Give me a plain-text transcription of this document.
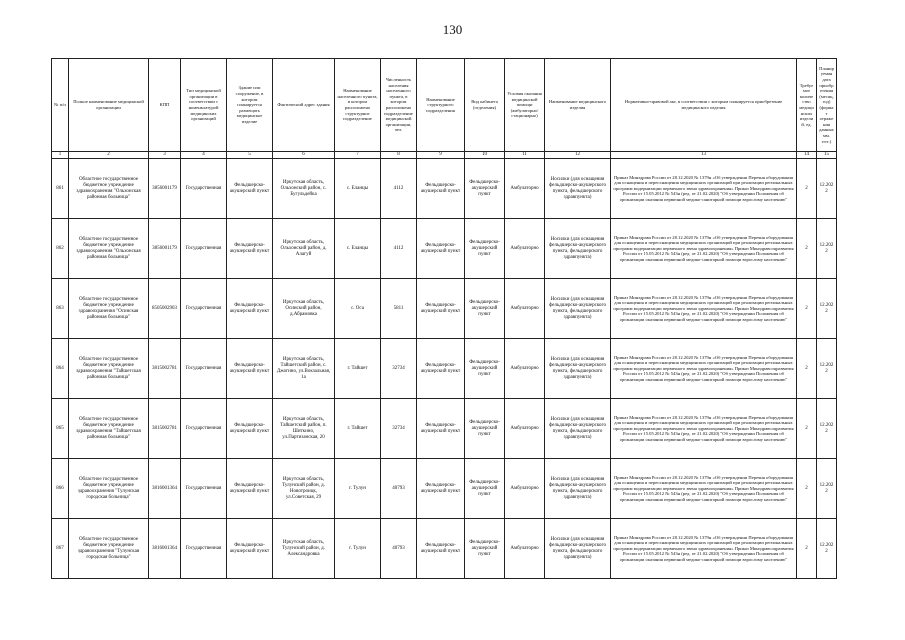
130
№ п/п	Полное наименование медицинской организации	КПП	Тип медицинской организации в соответствии с номенклатурой медицинских организаций	Здание или сооружение, в котором планируется размещать медицинское изделие	Фактический адрес здания	Наименование населенного пункта, в котором расположено структурное подразделение	Численность населения населенного пункта, в котором расположено подразделение медицинской организации, чел.	Наименование структурного подразделения	Вид кабинета (отделения)	Условия оказания медицинской помощи (амбулаторно/ стационарно)	Наименование медицинского изделия	Нормативно-правовой акт, в соответствии с которым планируется приобретение медицинского изделия	Требуемое количество медицинских изделий, ед.	Планируемая дата приобретения (месяц, год) (формат отражения данных мм. гггг.)
1	2	3	4	5	6	7	8	9	10	11	12	13	14	15
861	Областное государственное бюджетное учреждение здравоохранения "Ольхонская районная больница"	3856001179	Государственная	Фельдшерско-акушерский пункт	Иркутская область, Ольхонский район, с. Бугульдейка	с. Еланцы	4112	Фельдшерско-акушерский пункт	Фельдшерско-акушерский пункт	Амбулаторно	Носилки (для оснащения фельдшерско-акушерского пункта, фельдшерского здравпункта)	Приказ Минздрава России от 28.12.2020 № 1379н «Об утверждении Перечня оборудования для оснащения и переоснащения медицинских организаций при реализации региональных программ модернизации первичного звена здравоохранения» Приказ Минздравсоцразвития России от 15.05.2012 № 543н (ред. от 21.02.2020) "Об утверждении Положения об организации оказания первичной медико-санитарной помощи взрослому населению"	2	12.2022
862	Областное государственное бюджетное учреждение здравоохранения "Ольхонская районная больница"	3856001179	Государственная	Фельдшерско-акушерский пункт	Иркутская область, Ольхонский район, д. Алагуй	с. Еланцы	4112	Фельдшерско-акушерский пункт	Фельдшерско-акушерский пункт	Амбулаторно	Носилки (для оснащения фельдшерско-акушерского пункта, фельдшерского здравпункта)	Приказ Минздрава России от 28.12.2020 № 1379н «Об утверждении Перечня оборудования для оснащения и переоснащения медицинских организаций при реализации региональных программ модернизации первичного звена здравоохранения» Приказ Минздравсоцразвития России от 15.05.2012 № 543н (ред. от 21.02.2020) "Об утверждении Положения об организации оказания первичной медико-санитарной помощи взрослому населению"	2	12.2022
863	Областное государственное бюджетное учреждение здравоохранения "Осинская районная больница"	8505002903	Государственная	Фельдшерско-акушерский пункт	Иркутская область, Осинский район, д.Абрамовка	с. Оса	5811	Фельдшерско-акушерский пункт	Фельдшерско-акушерский пункт	Амбулаторно	Носилки (для оснащения фельдшерско-акушерского пункта, фельдшерского здравпункта)	Приказ Минздрава России от 28.12.2020 № 1379н «Об утверждении Перечня оборудования для оснащения и переоснащения медицинских организаций при реализации региональных программ модернизации первичного звена здравоохранения» Приказ Минздравсоцразвития России от 15.05.2012 № 543н (ред. от 21.02.2020) "Об утверждении Положения об организации оказания первичной медико-санитарной помощи взрослому населению"	2	12.2022
864	Областное государственное бюджетное учреждение здравоохранения "Тайшетская районная больница"	3815002781	Государственная	Фельдшерско-акушерский пункт	Иркутская область, Тайшетский район, с. Джогино, ул.Вокзальная, 1а	г. Тайшет	32734	Фельдшерско-акушерский пункт	Фельдшерско-акушерский пункт	Амбулаторно	Носилки (для оснащения фельдшерско-акушерского пункта, фельдшерского здравпункта)	Приказ Минздрава России от 28.12.2020 № 1379н «Об утверждении Перечня оборудования для оснащения и переоснащения медицинских организаций при реализации региональных программ модернизации первичного звена здравоохранения» Приказ Минздравсоцразвития России от 15.05.2012 № 543н (ред. от 21.02.2020) "Об утверждении Положения об организации оказания первичной медико-санитарной помощи взрослому населению"	2	12.2022
865	Областное государственное бюджетное учреждение здравоохранения "Тайшетская районная больница"	3815002781	Государственная	Фельдшерско-акушерский пункт	Иркутская область, Тайшетский район, п. Шиткино, ул.Партизанская, 20	г. Тайшет	32734	Фельдшерско-акушерский пункт	Фельдшерско-акушерский пункт	Амбулаторно	Носилки (для оснащения фельдшерско-акушерского пункта, фельдшерского здравпункта)	Приказ Минздрава России от 28.12.2020 № 1379н «Об утверждении Перечня оборудования для оснащения и переоснащения медицинских организаций при реализации региональных программ модернизации первичного звена здравоохранения» Приказ Минздравсоцразвития России от 15.05.2012 № 543н (ред. от 21.02.2020) "Об утверждении Положения об организации оказания первичной медико-санитарной помощи взрослому населению"	2	12.2022
866	Областное государственное бюджетное учреждение здравоохранения "Тулунская городская больница"	3816001364	Государственная	Фельдшерско-акушерский пункт	Иркутская область, Тулунский район, д. Новотроицк, ул.Советская, 29	г. Тулун	40793	Фельдшерско-акушерский пункт	Фельдшерско-акушерский пункт	Амбулаторно	Носилки (для оснащения фельдшерско-акушерского пункта, фельдшерского здравпункта)	Приказ Минздрава России от 28.12.2020 № 1379н «Об утверждении Перечня оборудования для оснащения и переоснащения медицинских организаций при реализации региональных программ модернизации первичного звена здравоохранения» Приказ Минздравсоцразвития России от 15.05.2012 № 543н (ред. от 21.02.2020) "Об утверждении Положения об организации оказания первичной медико-санитарной помощи взрослому населению"	2	12.2022
867	Областное государственное бюджетное учреждение здравоохранения "Тулунская городская больница"	3816001364	Государственная	Фельдшерско-акушерский пункт	Иркутская область, Тулунский район, д. Александровка	г. Тулун	40793	Фельдшерско-акушерский пункт	Фельдшерско-акушерский пункт	Амбулаторно	Носилки (для оснащения фельдшерско-акушерского пункта, фельдшерского здравпункта)	Приказ Минздрава России от 28.12.2020 № 1379н «Об утверждении Перечня оборудования для оснащения и переоснащения медицинских организаций при реализации региональных программ модернизации первичного звена здравоохранения» Приказ Минздравсоцразвития России от 15.05.2012 № 543н (ред. от 21.02.2020) "Об утверждении Положения об организации оказания первичной медико-санитарной помощи взрослому населению"	2	12.2022
